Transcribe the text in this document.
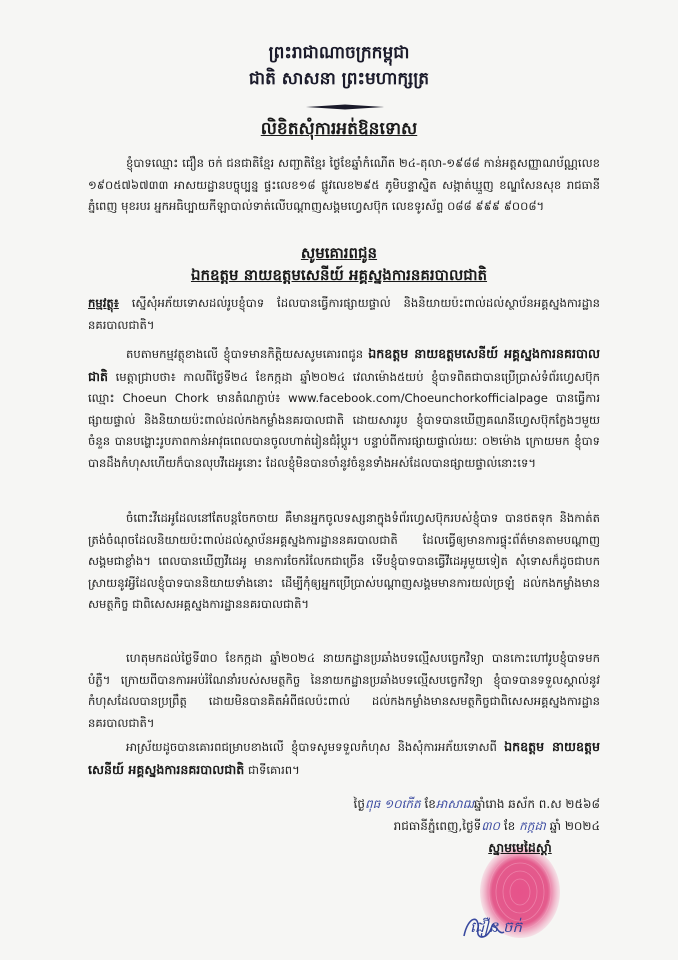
ព្រះរាជាណាចក្រកម្ពុជា
ជាតិ សាសនា ព្រះមហាក្សត្រ
លិខិតសុំការអត់ឱនទោស
ខ្ញុំបាទឈ្មោះ ជឿន ចក់ ជនជាតិខ្មែរ សញ្ជាតិខ្មែរ ថ្ងៃខែឆ្នាំកំណើត ២៤-តុលា-១៩៨៨ កាន់អត្តសញ្ញាណប័ណ្ណលេខ ១៩០៥៧៦៧៣៣ អាសយដ្ឋានបច្ចុប្បន្ន ផ្ទះលេខ១៨ ផ្លូវលេខ២៩៥ ភូមិបន្ទាស្និត សង្កាត់ឃ្មួញ ខណ្ឌសែនសុខ រាជធានីភ្នំពេញ មុខរបរ អ្នកអធិប្បាយកីឡាបាល់ទាត់លើបណ្តាញសង្គមហ្វេសប៊ុក លេខទូរស័ព្ទ ០៨៨ ៩៩៩ ៩០០៨។
សូមគោរពជូន
ឯកឧត្តម នាយឧត្តមសេនីយ៍ អគ្គស្នងការនគរបាលជាតិ
កម្មវត្ថុ៖ ស្នើសុំអភ័យទោសដល់រូបខ្ញុំបាទ ដែលបានធ្វើការផ្សាយផ្ទាល់ និងនិយាយប៉ះពាល់ដល់ស្ថាប័នអគ្គស្នងការដ្ឋាននគរបាលជាតិ។
តបតាមកម្មវត្ថុខាងលើ ខ្ញុំបាទមានកិត្តិយសសូមគោរពជូន ឯកឧត្តម នាយឧត្តមសេនីយ៍ អគ្គស្នងការនគរបាលជាតិ មេត្តាជ្រាបថា៖ កាលពីថ្ងៃទី២៤ ខែកក្កដា ឆ្នាំ២០២៤ វេលាម៉ោង៥យប់ ខ្ញុំបាទពិតជាបានប្រើប្រាស់ទំព័រហ្វេសប៊ុកឈ្មោះ Choeun Chork មានតំណភ្ជាប់៖ www.facebook.com/Choeunchorkofficialpage បានធ្វើការផ្សាយផ្ទាល់ និងនិយាយប៉ះពាល់ដល់កងកម្លាំងនគរបាលជាតិ ដោយសាររូប ខ្ញុំបាទបានឃើញគណនីហ្វេសប៊ុកក្លែងៗមួយចំនួន បានបង្ហោះរូបភាពកាន់អាវុធពេលបានចូលហាត់រៀនជំរុំប្ដូរ។ បន្ទាប់ពីការផ្សាយផ្ទាល់រយៈ ០២ម៉ោង ក្រោយមក ខ្ញុំបាទបានដឹងកំហុសហើយក៏បានលុបវីដេអូនោះ ដែលខ្ញុំមិនបានចាំនូវចំនួនទាំងអស់ដែលបានផ្សាយផ្ទាល់នោះទេ។
ចំពោះវីដេអូដែលនៅតែបន្តចែកចាយ គឺមានអ្នកចូលទស្សនាក្នុងទំព័រហ្វេសប៊ុករបស់ខ្ញុំបាទ បានថតទុក និងកាត់ត ត្រង់ចំណុចដែលនិយាយប៉ះពាល់ដល់ស្ថាប័នអគ្គស្នងការដ្ឋាននគរបាលជាតិ ដែលធ្វើឲ្យមានការផ្ទុះព័ត៌មានតាមបណ្ដាញសង្គមជាខ្លាំង។ ពេលបានឃើញវីដេអូ មានការចែករំលែកជាច្រើន ទើបខ្ញុំបាទបានធ្វើវីដេអូមួយទៀត សុំទោសក៏ដូចជាបកស្រាយនូវអ្វីដែលខ្ញុំបាទបាននិយាយទាំងនោះ ដើម្បីកុំឲ្យអ្នកប្រើប្រាស់បណ្ដាញសង្គមមានការយល់ច្រឡំ ដល់កងកម្លាំងមានសមត្ថកិច្ច ជាពិសេសអគ្គស្នងការដ្ឋាននគរបាលជាតិ។
ហេតុមកដល់ថ្ងៃទី៣០ ខែកក្កដា ឆ្នាំ២០២៤ នាយកដ្ឋានប្រឆាំងបទល្មើសបច្ចេកវិទ្យា បានកោះហៅរូបខ្ញុំបាទមកបំភ្លឺ។ ក្រោយពីបានការអប់រំណែនាំរបស់សមត្ថកិច្ច នៃនាយកដ្ឋានប្រឆាំងបទល្មើសបច្ចេកវិទ្យា ខ្ញុំបាទបានទទួលស្គាល់នូវកំហុសដែលបានប្រព្រឹត្ត ដោយមិនបានគិតអំពីផលប៉ះពាល់ ដល់កងកម្លាំងមានសមត្ថកិច្ចជាពិសេសអគ្គស្នងការដ្ឋាននគរបាលជាតិ។
អាស្រ័យដូចបានគោរពជម្រាបខាងលើ ខ្ញុំបាទសូមទទួលកំហុស និងសុំការអភ័យទោសពី ឯកឧត្តម នាយឧត្តមសេនីយ៍ អគ្គស្នងការនគរបាលជាតិ ជាទីគោរព។
ថ្ងៃពុធ ១០កើត ខែអាសាឍឆ្នាំរោង ឆស័ក ព.ស ២៥៦៨
រាជធានីភ្នំពេញ,ថ្ងៃទី៣០ ខែ កក្កដា ឆ្នាំ ២០២៤
ស្នាមមេដៃស្ដាំ
ជឿន ចក់
